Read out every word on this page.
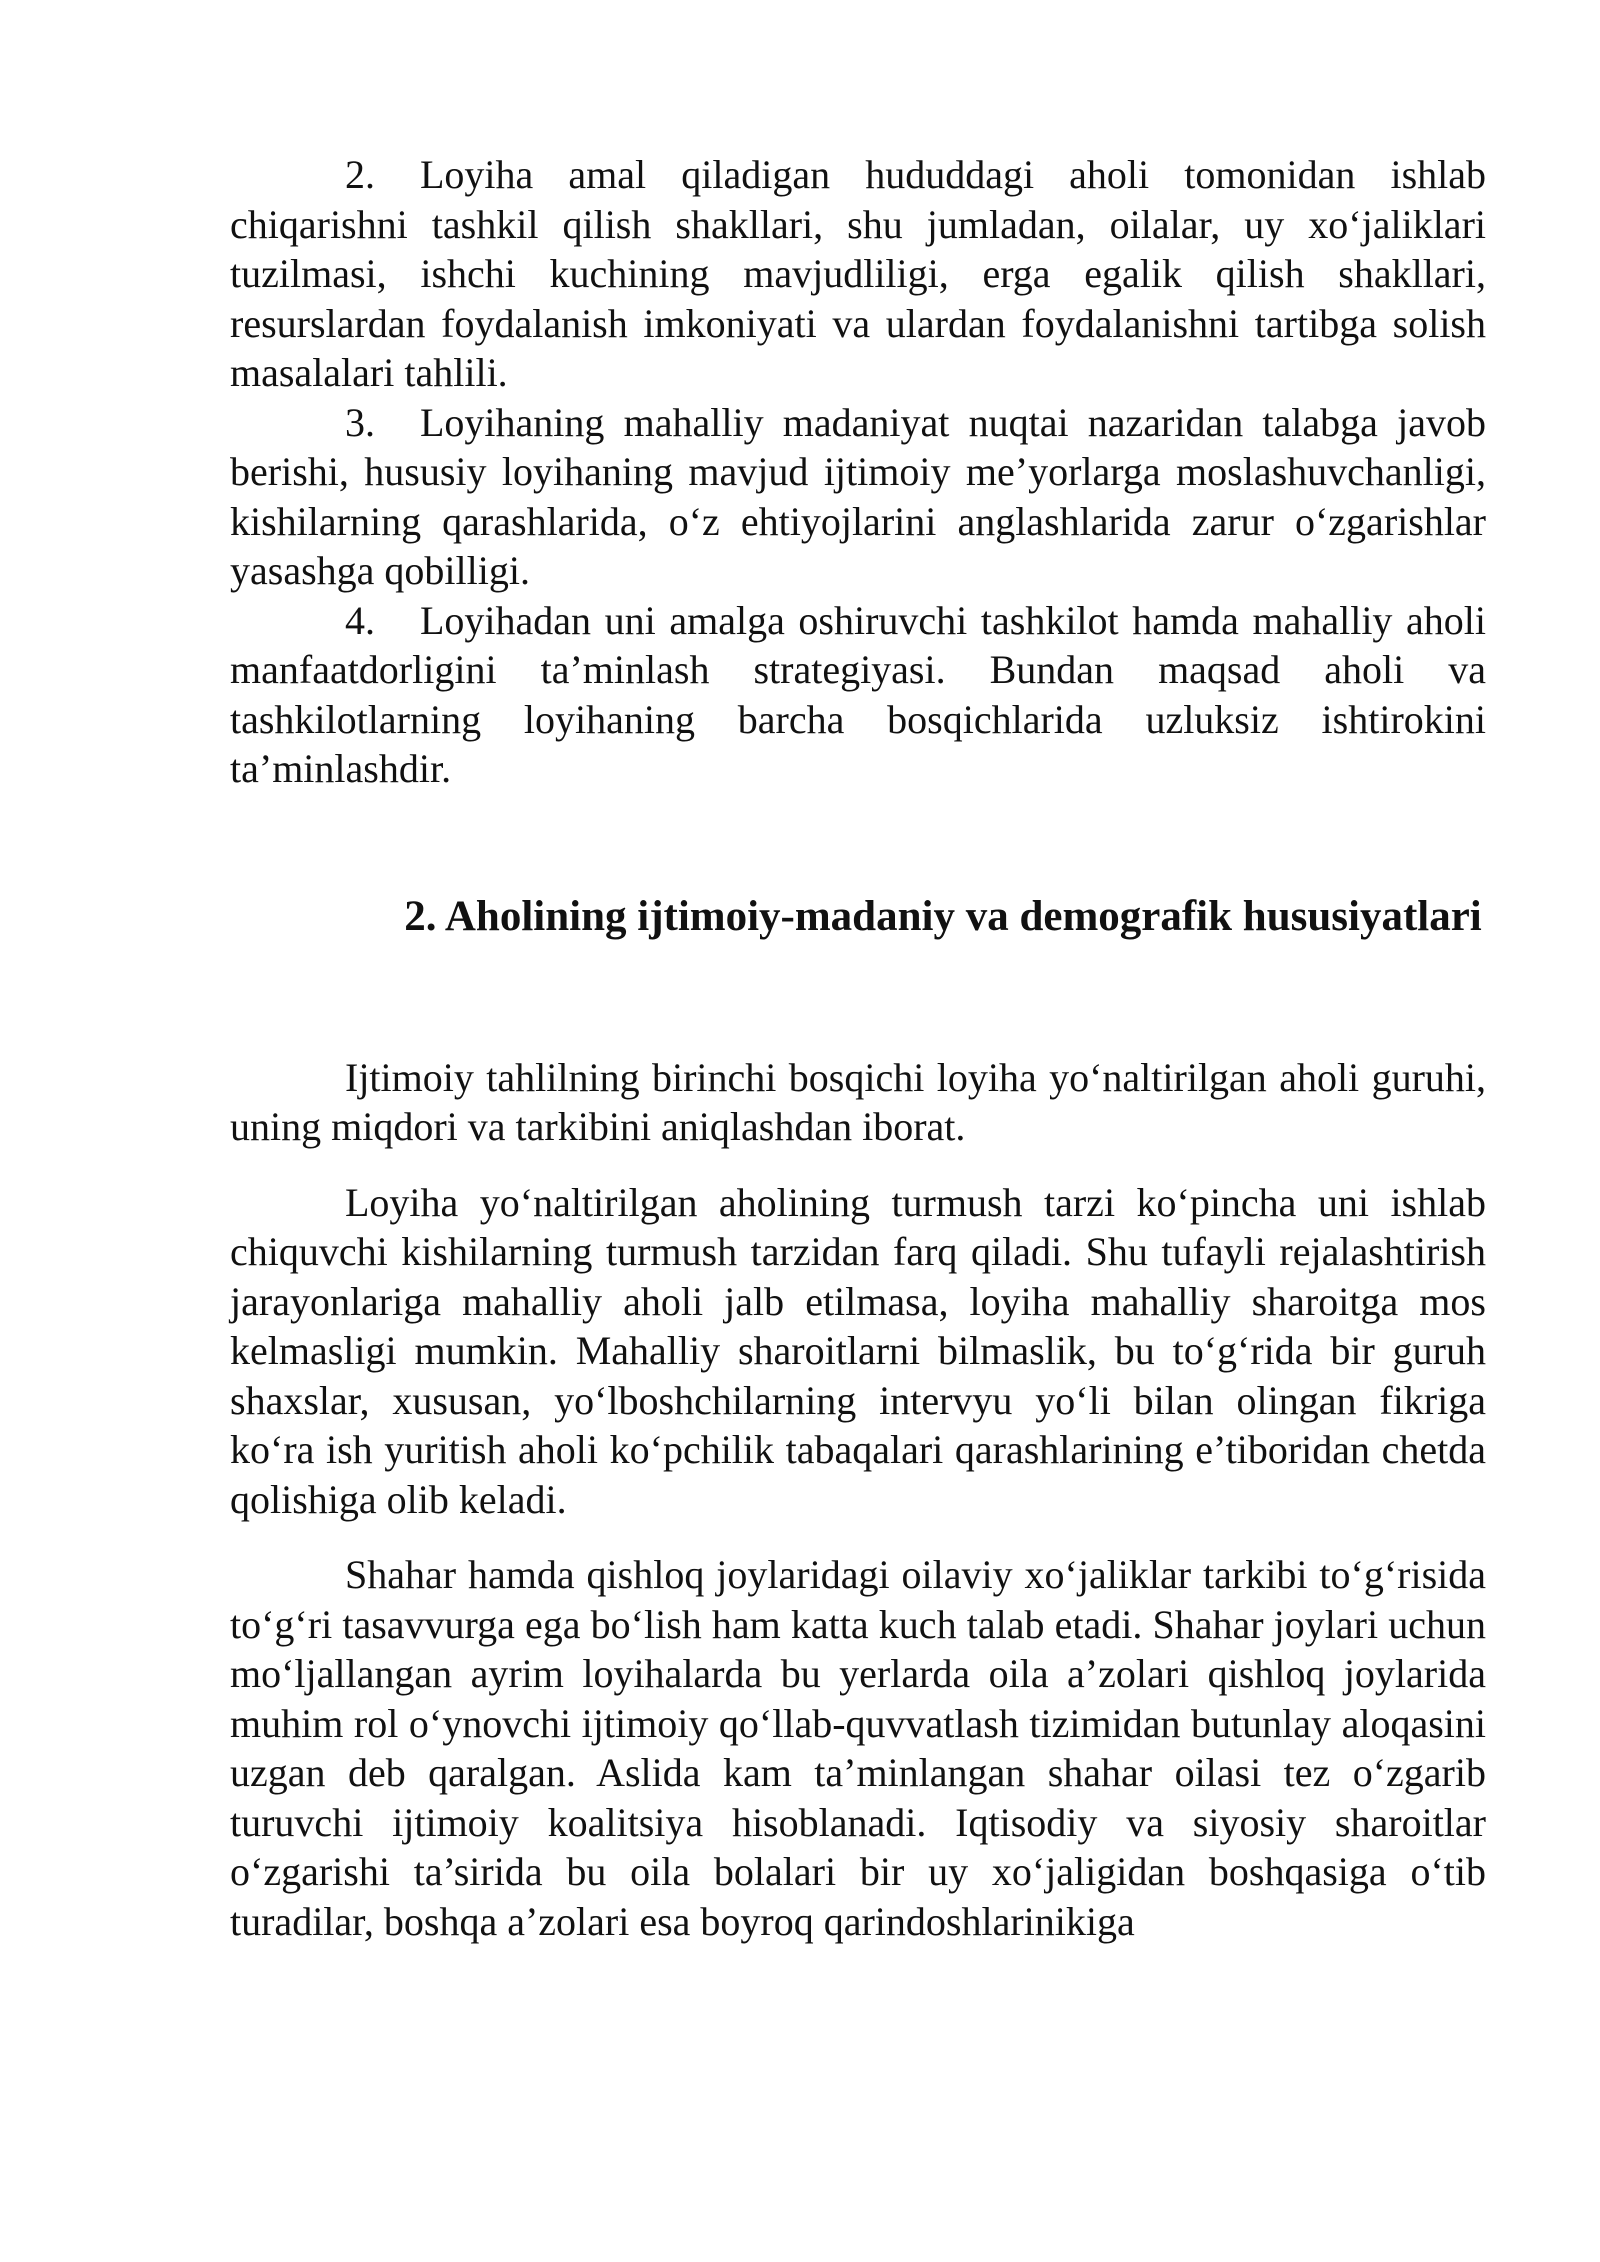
2. Loyiha amal qiladigan hududdagi aholi tomonidan ishlab chiqarishni tashkil qilish shakllari, shu jumladan, oilalar, uy xo‘jaliklari tuzilmasi, ishchi kuchining mavjudliligi, erga egalik qilish shakllari, resurslardan foydalanish imkoniyati va ulardan foydalanishni tartibga solish masalalari tahlili.

3. Loyihaning mahalliy madaniyat nuqtai nazaridan talabga javob berishi, hususiy loyihaning mavjud ijtimoiy me’yorlarga moslashuvchanligi, kishilarning qarashlarida, o‘z ehtiyojlarini anglashlarida zarur o‘zgarishlar yasashga qobilligi.

4. Loyihadan uni amalga oshiruvchi tashkilot hamda mahalliy aholi manfaatdorligini ta’minlash strategiyasi. Bundan maqsad aholi va tashkilotlarning loyihaning barcha bosqichlarida uzluksiz ishtirokini ta’minlashdir.

2. Aholining ijtimoiy-madaniy va demografik hususiyatlari

Ijtimoiy tahlilning birinchi bosqichi loyiha yo‘naltirilgan aholi guruhi, uning miqdori va tarkibini aniqlashdan iborat.

Loyiha yo‘naltirilgan aholining turmush tarzi ko‘pincha uni ishlab chiquvchi kishilarning turmush tarzidan farq qiladi. Shu tufayli rejalashtirish jarayonlariga mahalliy aholi jalb etilmasa, loyiha mahalliy sharoitga mos kelmasligi mumkin. Mahalliy sharoitlarni bilmaslik, bu to‘g‘rida bir guruh shaxslar, xususan, yo‘lboshchilarning intervyu yo‘li bilan olingan fikriga ko‘ra ish yuritish aholi ko‘pchilik tabaqalari qarashlarining e’tiboridan chetda qolishiga olib keladi.

Shahar hamda qishloq joylaridagi oilaviy xo‘jaliklar tarkibi to‘g‘risida to‘g‘ri tasavvurga ega bo‘lish ham katta kuch talab etadi. Shahar joylari uchun mo‘ljallangan ayrim loyihalarda bu yerlarda oila a’zolari qishloq joylarida muhim rol o‘ynovchi ijtimoiy qo‘llab-quvvatlash tizimidan butunlay aloqasini uzgan deb qaralgan. Aslida kam ta’minlangan shahar oilasi tez o‘zgarib turuvchi ijtimoiy koalitsiya hisoblanadi. Iqtisodiy va siyosiy sharoitlar o‘zgarishi ta’sirida bu oila bolalari bir uy xo‘jaligidan boshqasiga o‘tib turadilar, boshqa a’zolari esa boyroq qarindoshlarinikiga
